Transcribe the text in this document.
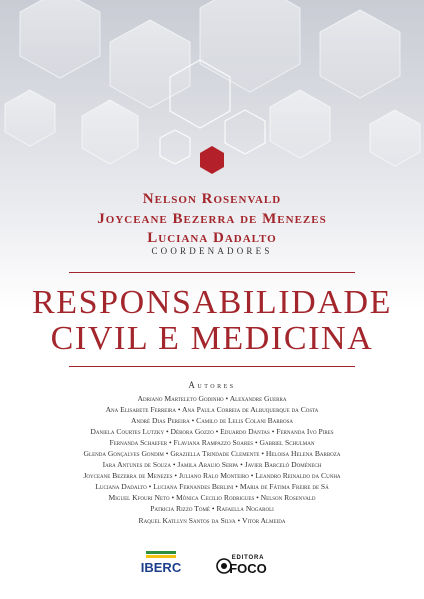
Nelson Rosenvald
Joyceane Bezerra de Menezes
Luciana Dadalto
COORDENADORES
RESPONSABILIDADE
CIVIL E MEDICINA
Autores
Adriano Marteleto Godinho • Alexandre Guerra
Ana Elisabete Ferreira • Ana Paula Correia de Albuquerque da Costa
André Dias Pereira • Camilo de Lelis Colani Barbosa
Daniela Courtes Lutzky • Débora Gozzo • Eduardo Dantas • Fernanda Ivo Pires
Fernanda Schaefer • Flaviana Rampazzo Soares • Gabriel Schulman
Glenda Gonçalves Gondim • Graziella Trindade Clemente • Heloisa Helena Barboza
Iara Antunes de Souza • Jamila Araujo Serpa • Javier Barceló Doménech
Joyceane Bezerra de Menezes • Juliano Ralo Monteiro • Leandro Reinaldo da Cunha
Luciana Dadalto • Luciana Fernandes Berlini • Maria de Fátima Freire de Sá
Miguel Kfouri Neto • Mônica Cecilio Rodrigues • Nelson Rosenvald
Patricia Rizzo Tomé • Rafaella Nogaroli
Raquel Katllyn Santos da Silva • Vitor Almeida
IBERC
EDITORA
FOCO
